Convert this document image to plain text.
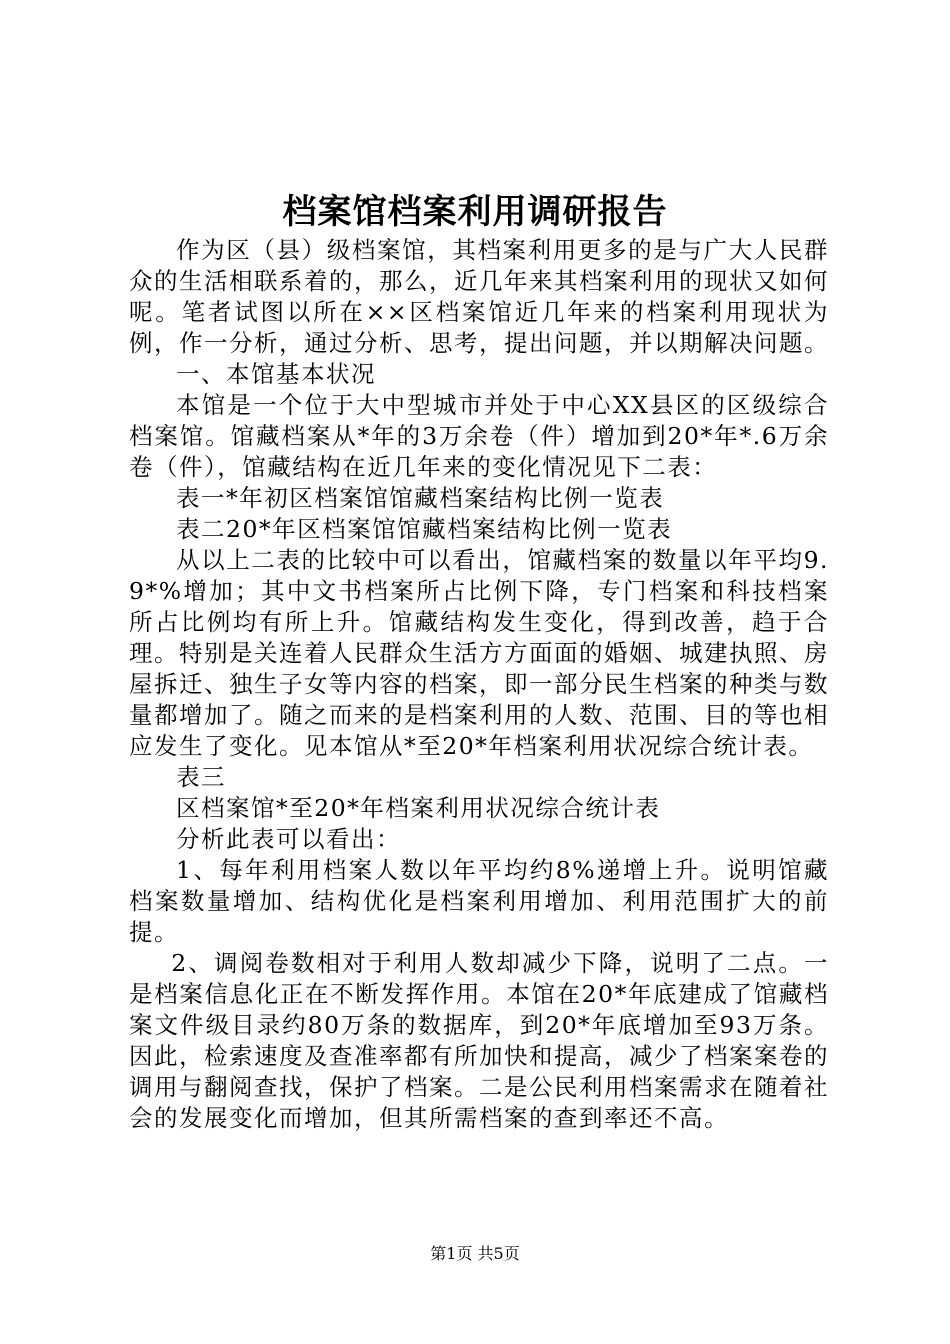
档案馆档案利用调研报告

作为区（县）级档案馆，其档案利用更多的是与广大人民群众的生活相联系着的，那么，近几年来其档案利用的现状又如何呢。笔者试图以所在××区档案馆近几年来的档案利用现状为例，作一分析，通过分析、思考，提出问题，并以期解决问题。

一、本馆基本状况

本馆是一个位于大中型城市并处于中心XX县区的区级综合档案馆。馆藏档案从*年的3万余卷（件）增加到20*年*.6万余卷（件），馆藏结构在近几年来的变化情况见下二表：

表一*年初区档案馆馆藏档案结构比例一览表

表二20*年区档案馆馆藏档案结构比例一览表

从以上二表的比较中可以看出，馆藏档案的数量以年平均9.9*%增加；其中文书档案所占比例下降，专门档案和科技档案所占比例均有所上升。馆藏结构发生变化，得到改善，趋于合理。特别是关连着人民群众生活方方面面的婚姻、城建执照、房屋拆迁、独生子女等内容的档案，即一部分民生档案的种类与数量都增加了。随之而来的是档案利用的人数、范围、目的等也相应发生了变化。见本馆从*至20*年档案利用状况综合统计表。

表三

区档案馆*至20*年档案利用状况综合统计表

分析此表可以看出：

1、每年利用档案人数以年平均约8%递增上升。说明馆藏档案数量增加、结构优化是档案利用增加、利用范围扩大的前提。

2、调阅卷数相对于利用人数却减少下降，说明了二点。一是档案信息化正在不断发挥作用。本馆在20*年底建成了馆藏档案文件级目录约80万条的数据库，到20*年底增加至93万条。因此，检索速度及查准率都有所加快和提高，减少了档案案卷的调用与翻阅查找，保护了档案。二是公民利用档案需求在随着社会的发展变化而增加，但其所需档案的查到率还不高。

第1页 共5页
